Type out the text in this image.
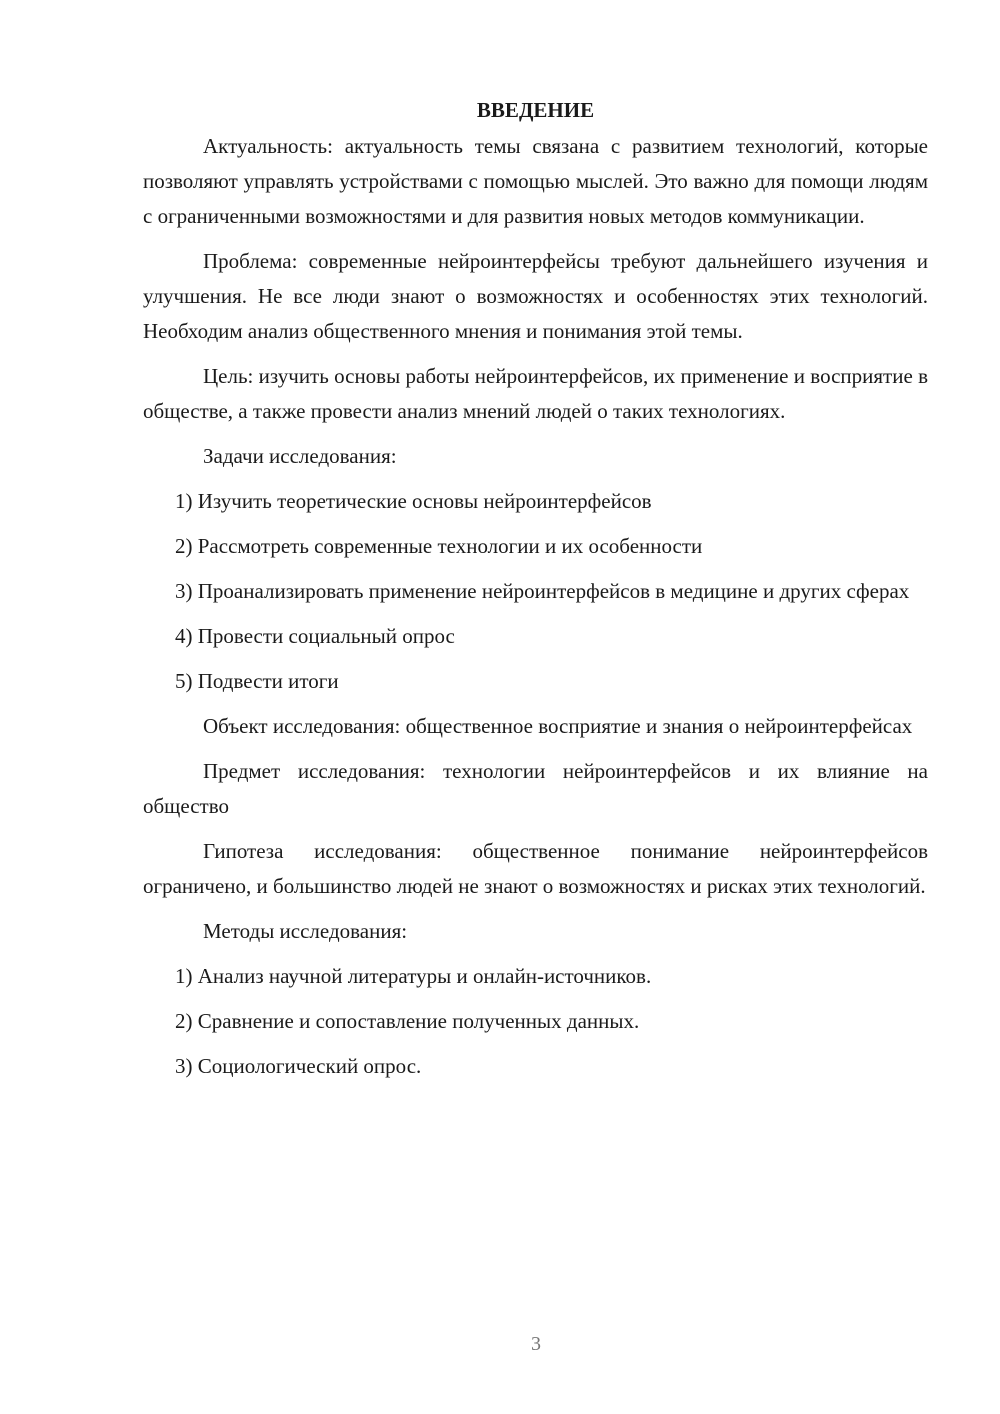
ВВЕДЕНИЕ

Актуальность: актуальность темы связана с развитием технологий, которые позволяют управлять устройствами с помощью мыслей. Это важно для помощи людям с ограниченными возможностями и для развития новых методов коммуникации.

Проблема: современные нейроинтерфейсы требуют дальнейшего изучения и улучшения. Не все люди знают о возможностях и особенностях этих технологий. Необходим анализ общественного мнения и понимания этой темы.

Цель: изучить основы работы нейроинтерфейсов, их применение и восприятие в обществе, а также провести анализ мнений людей о таких технологиях.

Задачи исследования:

1) Изучить теоретические основы нейроинтерфейсов

2) Рассмотреть современные технологии и их особенности

3) Проанализировать применение нейроинтерфейсов в медицине и других сферах

4) Провести социальный опрос

5) Подвести итоги

Объект исследования: общественное восприятие и знания о нейроинтерфейсах

Предмет исследования: технологии нейроинтерфейсов и их влияние на общество

Гипотеза исследования: общественное понимание нейроинтерфейсов ограничено, и большинство людей не знают о возможностях и рисках этих технологий.

Методы исследования:

1) Анализ научной литературы и онлайн-источников.

2) Сравнение и сопоставление полученных данных.

3) Социологический опрос.

3
